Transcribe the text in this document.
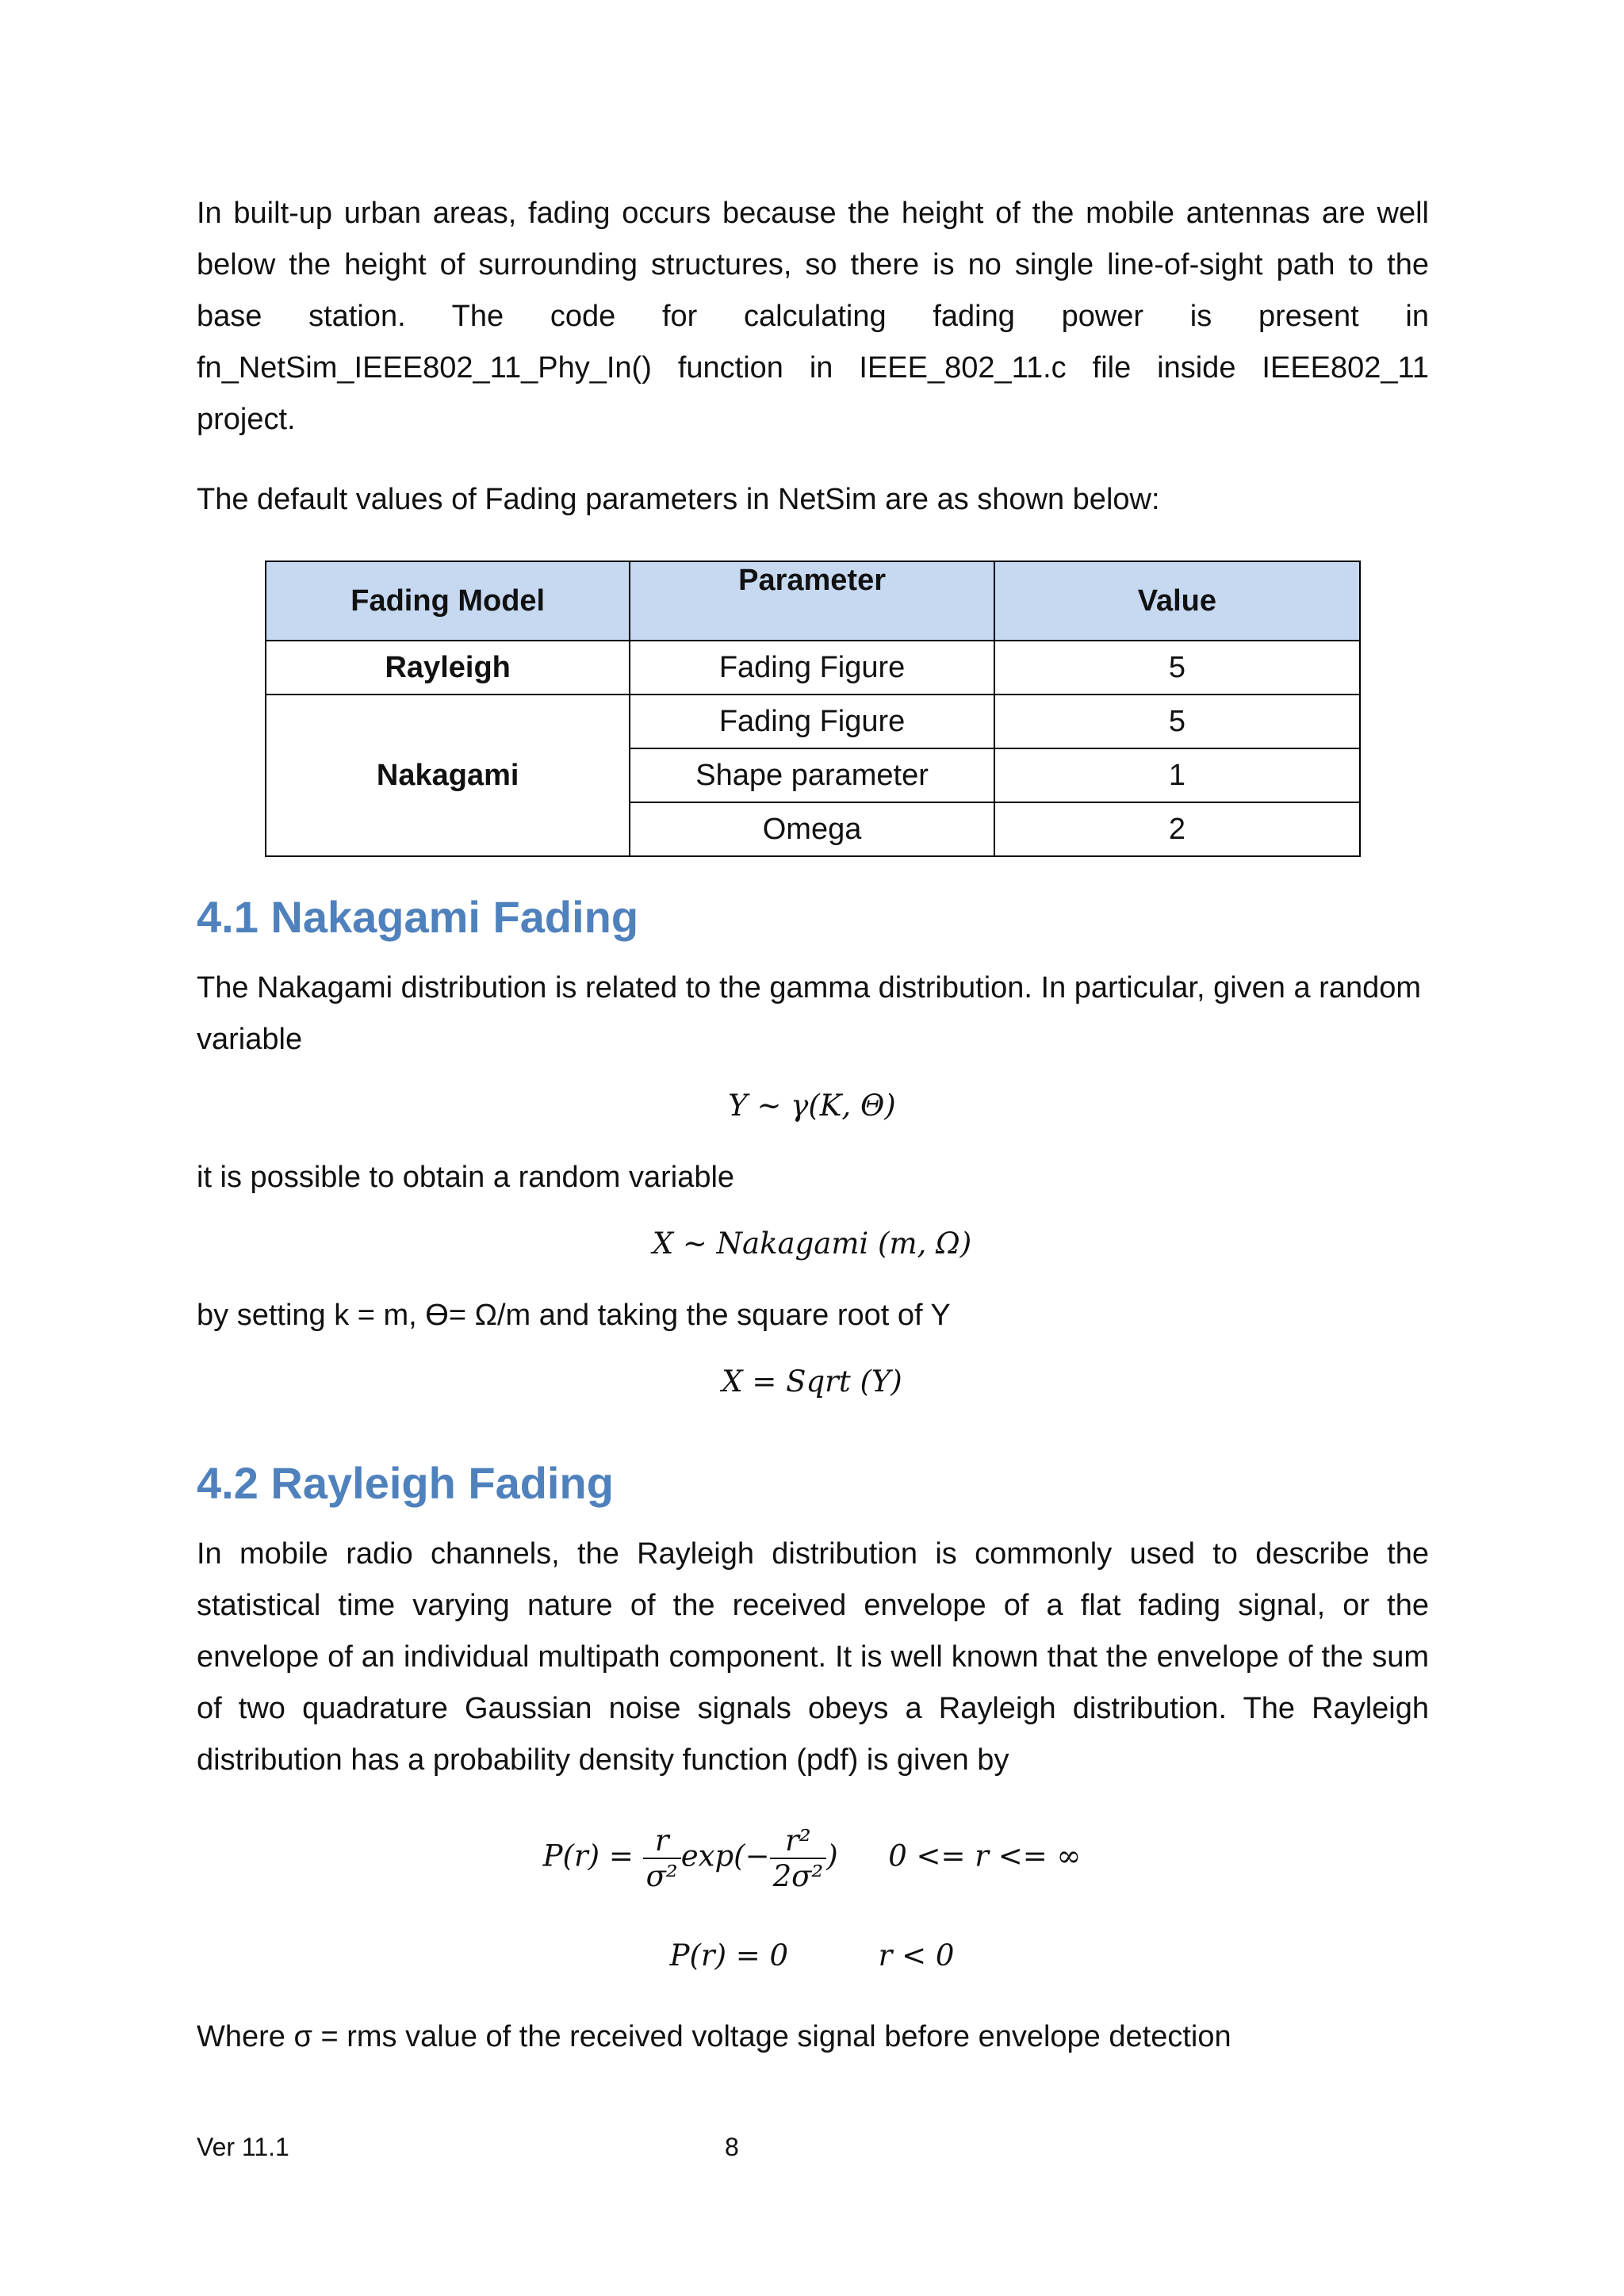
In built-up urban areas, fading occurs because the height of the mobile antennas are well below the height of surrounding structures, so there is no single line-of-sight path to the base station. The code for calculating fading power is present in fn_NetSim_IEEE802_11_Phy_In() function in IEEE_802_11.c file inside IEEE802_11 project.

The default values of Fading parameters in NetSim are as shown below:

Fading Model	Parameter	Value
Rayleigh	Fading Figure	5
Nakagami	Fading Figure	5
	Shape parameter	1
	Omega	2
4.1 Nakagami Fading

The Nakagami distribution is related to the gamma distribution. In particular, given a random variable

Y ~ γ(K, Θ)

it is possible to obtain a random variable

X ~ Nakagami (m, Ω)

by setting k = m, Ө= Ω/m and taking the square root of Y

X = Sqrt (Y)
4.2 Rayleigh Fading

In mobile radio channels, the Rayleigh distribution is commonly used to describe the statistical time varying nature of the received envelope of a flat fading signal, or the envelope of an individual multipath component. It is well known that the envelope of the sum of two quadrature Gaussian noise signals obeys a Rayleigh distribution. The Rayleigh distribution has a probability density function (pdf) is given by

$P(r) = \frac{r}{\text{σ²}} \exp(- \frac{\text{r²}}{\text{2σ²}}$ ) 0 <= r <= ∞
P(r) = 0	r < 0

Where σ = rms value of the received voltage signal before envelope detection

Ver 11.1	8
